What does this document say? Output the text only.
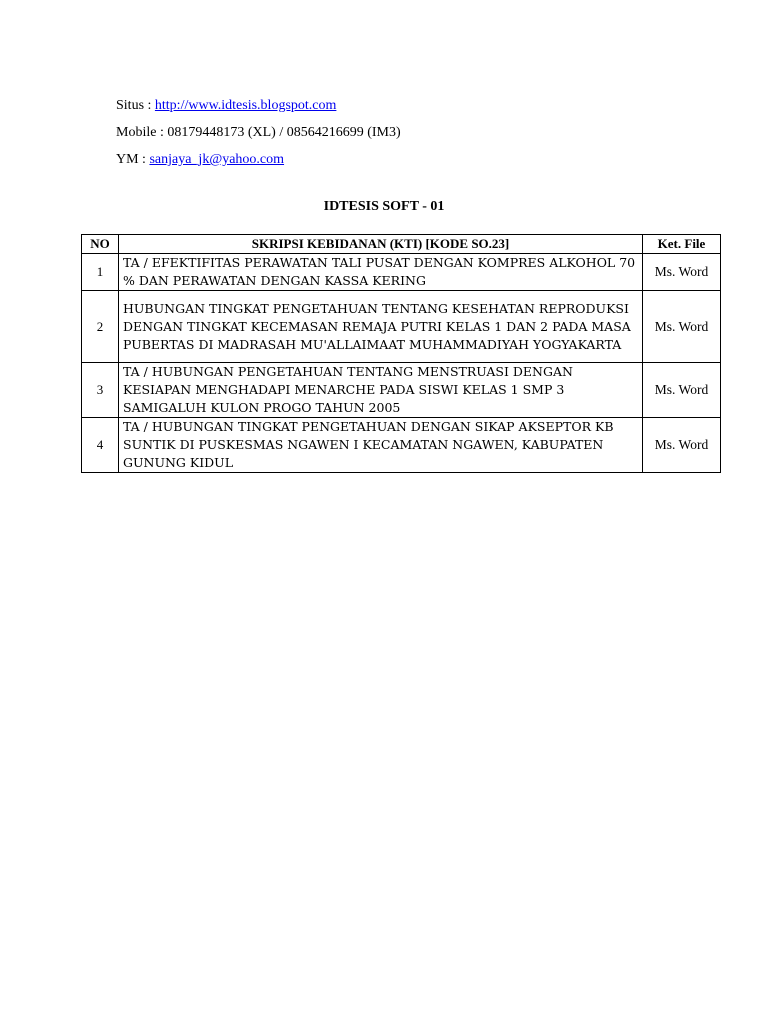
Situs : http://www.idtesis.blogspot.com
Mobile : 08179448173 (XL) / 08564216699 (IM3)
YM : sanjaya_jk@yahoo.com
IDTESIS SOFT - 01
NO	SKRIPSI KEBIDANAN (KTI) [KODE SO.23]	Ket. File
1	TA / EFEKTIFITAS PERAWATAN TALI PUSAT DENGAN KOMPRES ALKOHOL 70 % DAN PERAWATAN DENGAN KASSA KERING	Ms. Word
2	HUBUNGAN TINGKAT PENGETAHUAN TENTANG KESEHATAN REPRODUKSI DENGAN TINGKAT KECEMASAN REMAJA PUTRI KELAS 1 DAN 2 PADA MASA PUBERTAS DI MADRASAH MU'ALLAIMAAT MUHAMMADIYAH YOGYAKARTA	Ms. Word
3	TA / HUBUNGAN PENGETAHUAN TENTANG MENSTRUASI DENGAN KESIAPAN MENGHADAPI MENARCHE PADA SISWI KELAS 1 SMP 3 SAMIGALUH KULON PROGO TAHUN 2005	Ms. Word
4	TA / HUBUNGAN TINGKAT PENGETAHUAN DENGAN SIKAP AKSEPTOR KB SUNTIK DI PUSKESMAS NGAWEN I KECAMATAN NGAWEN, KABUPATEN GUNUNG KIDUL	Ms. Word
